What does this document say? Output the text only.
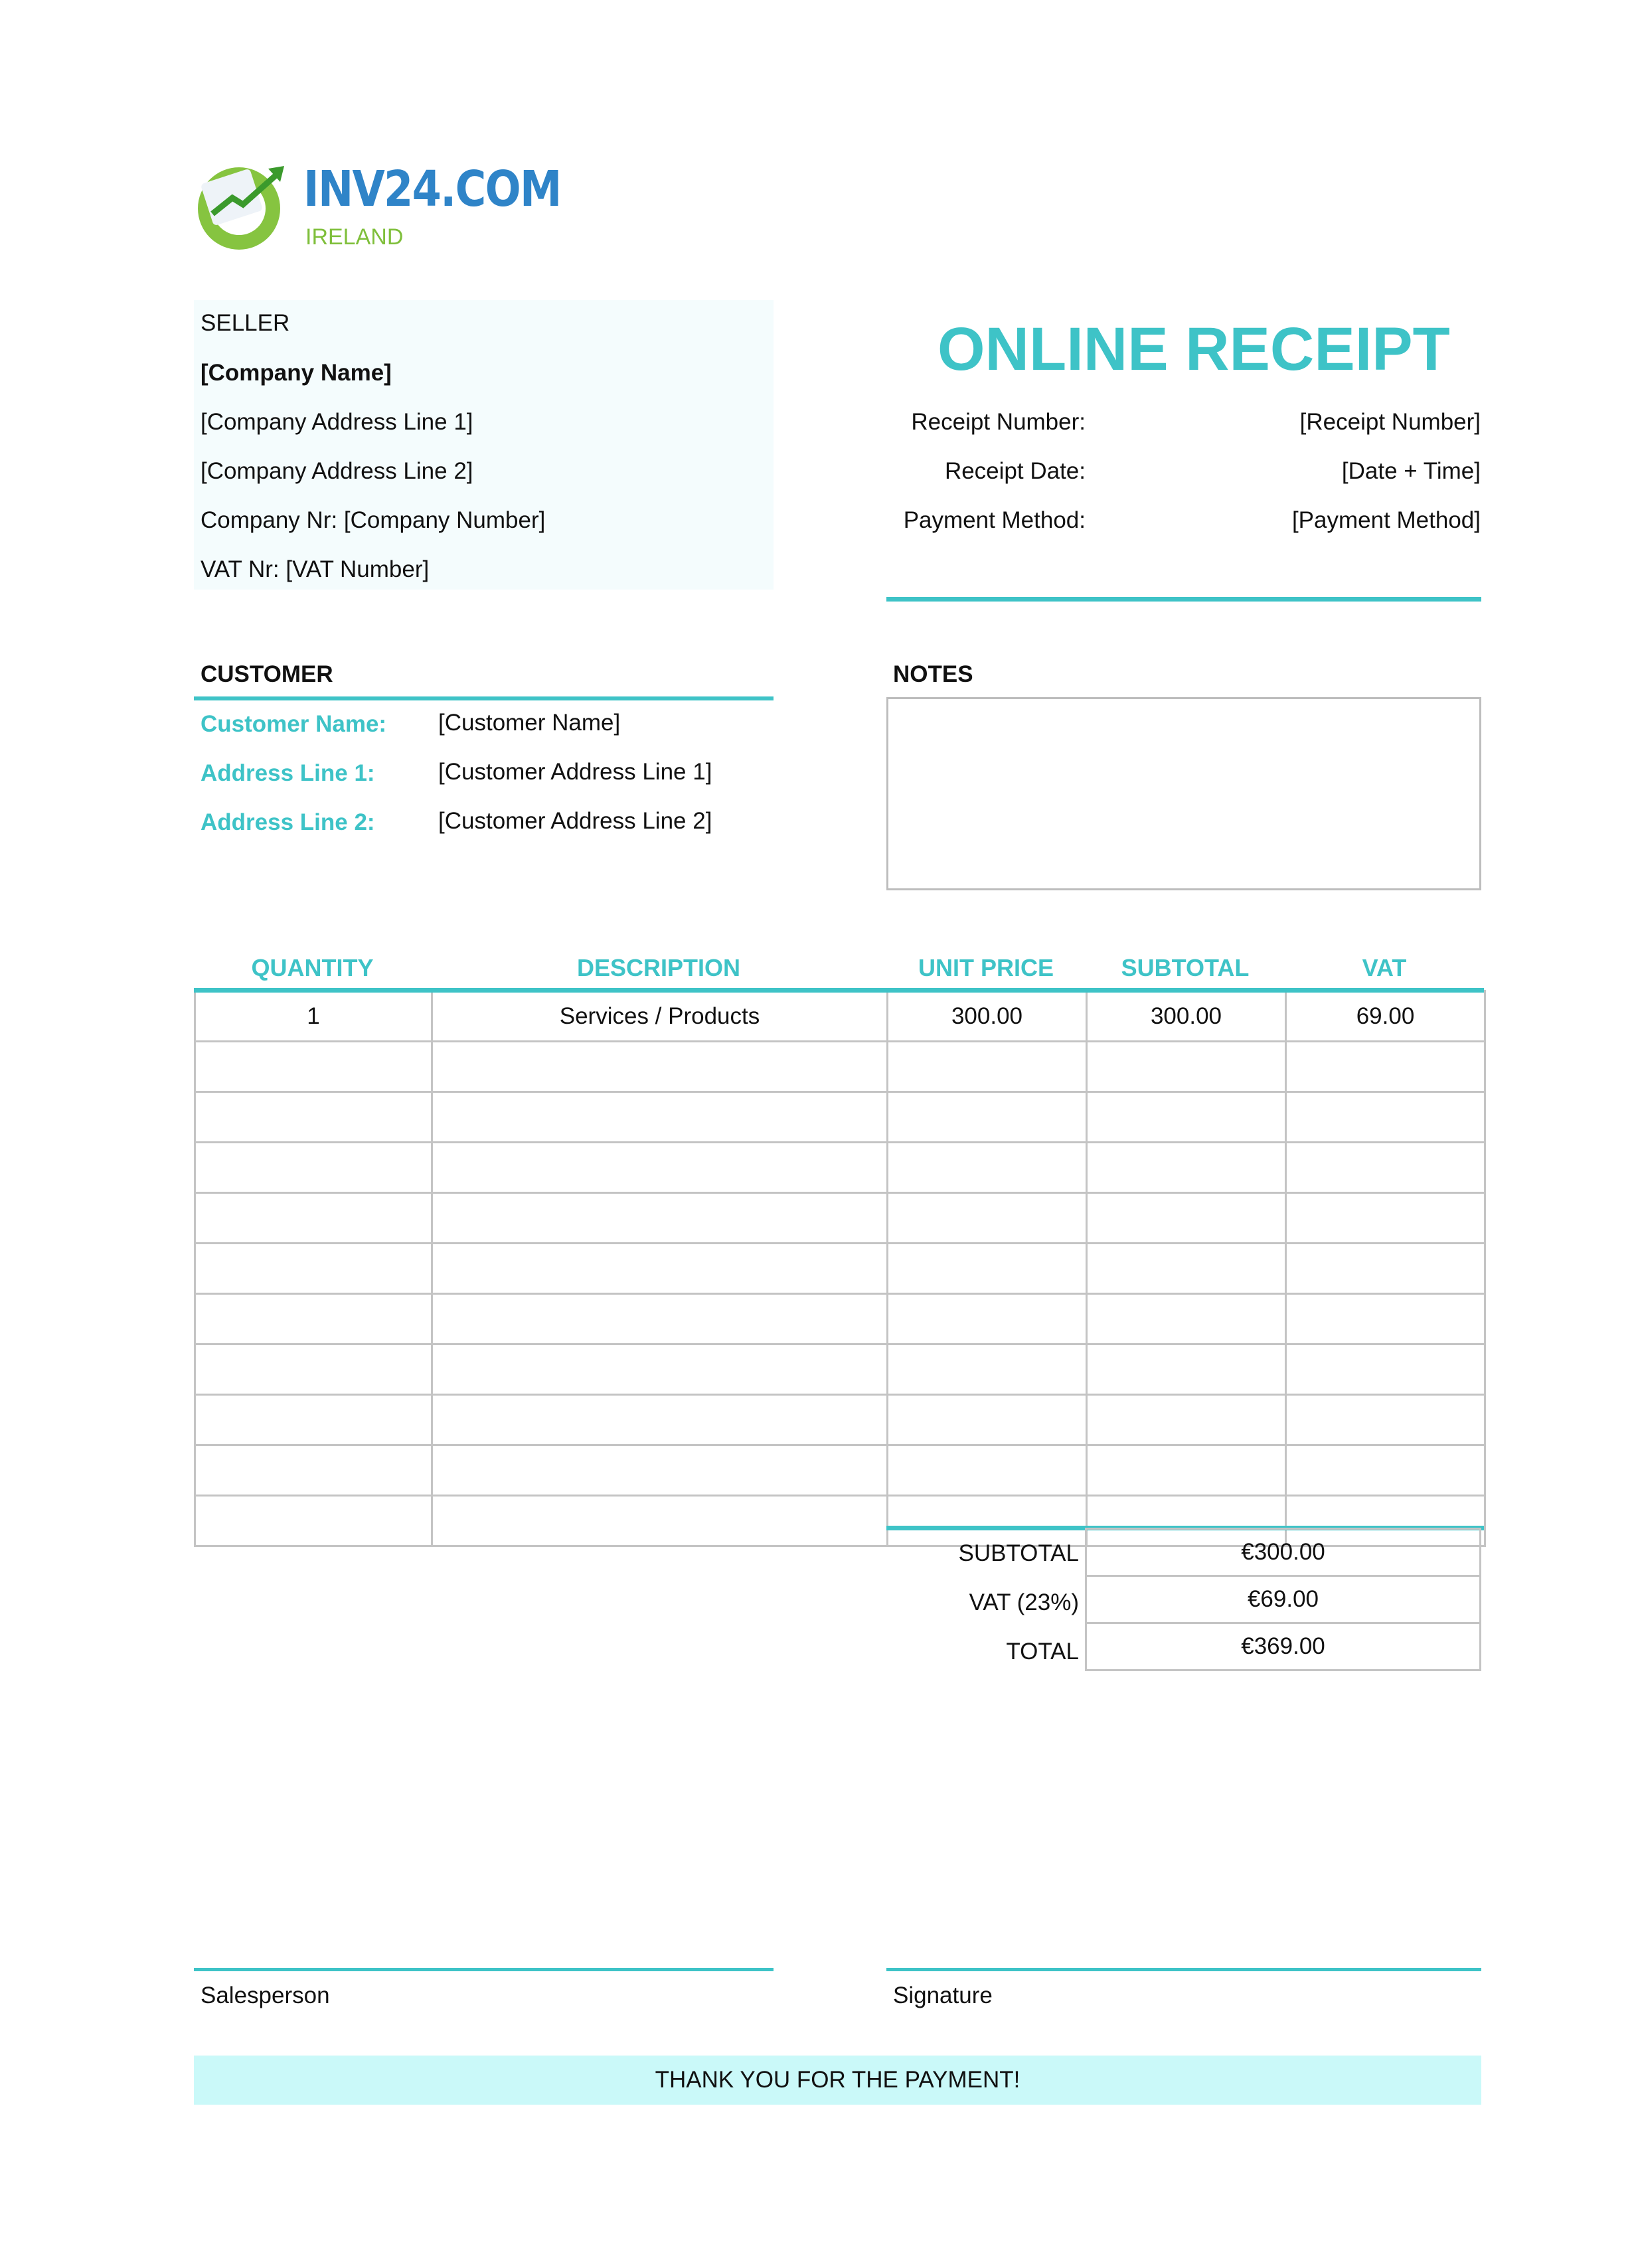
INV24.COM
IRELAND
SELLER
[Company Name]
[Company Address Line 1]
[Company Address Line 2]
Company Nr: [Company Number]
VAT Nr: [VAT Number]
ONLINE RECEIPT
Receipt Number:	[Receipt Number]
Receipt Date:	[Date + Time]
Payment Method:	[Payment Method]
CUSTOMER
Customer Name: [Customer Name]
Address Line 1:	[Customer Address Line 1]
Address Line 2:	[Customer Address Line 2]
NOTES
QUANTITY	DESCRIPTION	UNIT PRICE	SUBTOTAL	VAT
1	Services / Products	300.00	300.00	69.00

SUBTOTAL	€300.00
VAT (23%)	€69.00
TOTAL	€369.00
Salesperson	Signature
THANK YOU FOR THE PAYMENT!
